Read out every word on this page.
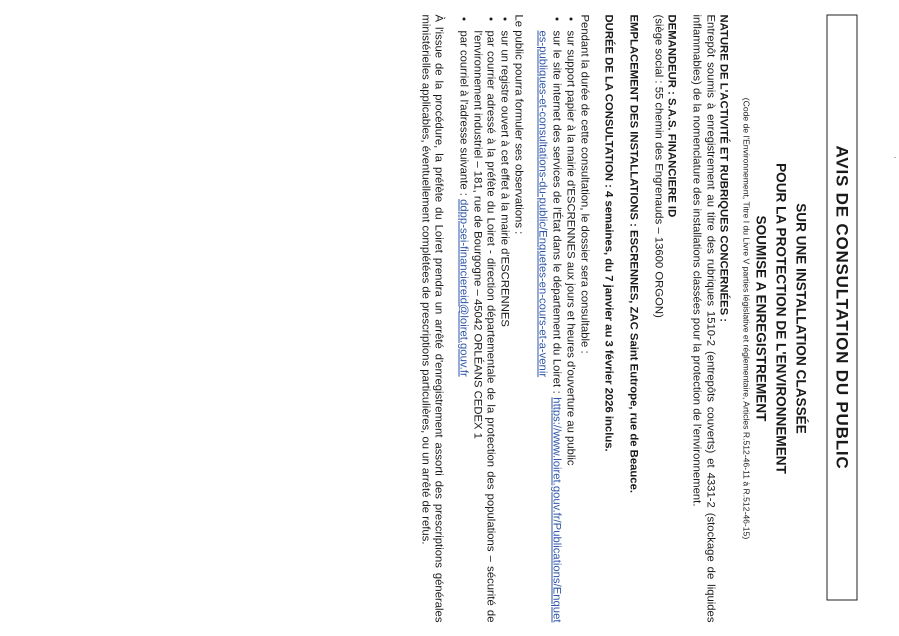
'
AVIS DE CONSULTATION DU PUBLIC
SUR UNE INSTALLATION CLASSÉE
POUR LA PROTECTION DE L'ENVIRONNEMENT
SOUMISE A ENREGISTREMENT
(Code de l'Environnement, Titre I du Livre V parties législative et réglementaire, Articles R.512-46-11 à R.512-46-15)
NATURE DE L'ACTIVITÉ ET RUBRIQUES CONCERNÉES :
Entrepôt soumis à enregistrement au titre des rubriques 1510-2 (entrepôts couverts) et 4331-2 (stockage de liquides inflammables) de la nomenclature des installations classées pour la protection de l'environnement.
DEMANDEUR : S.A.S. FINANCIERE ID
(siège social : 55 chemin des Engrenauds – 13600 ORGON)
EMPLACEMENT DES INSTALLATIONS : ESCRENNES, ZAC Saint Eutrope, rue de Beauce.
DURÉE DE LA CONSULTATION : 4 semaines, du 7 janvier au 3 février 2026 inclus.
Pendant la durée de cette consultation, le dossier sera consultable :
• sur support papier à la mairie d'ESCRENNES aux jours et heures d'ouverture au public
• sur le site internet des services de l'État dans le département du Loiret : https://www.loiret.gouv.fr/Publications/Enquetes-publiques-et-consultations-du-public/Enquetes-en-cours-et-a-venir
Le public pourra formuler ses observations :
• sur un registre ouvert à cet effet à la mairie d'ESCRENNES
• par courrier adressé à la préfète du Loiret - direction départementale de la protection des populations – sécurité de l'environnement industriel – 181, rue de Bourgogne – 45042 ORLÉANS CEDEX 1
• par courriel à l'adresse suivante : ddpp-sei-financiereid@loiret.gouv.fr
À l'issue de la procédure, la préfète du Loiret prendra un arrêté d'enregistrement assorti des prescriptions générales ministérielles applicables, éventuellement complétées de prescriptions particulières, ou un arrêté de refus.
